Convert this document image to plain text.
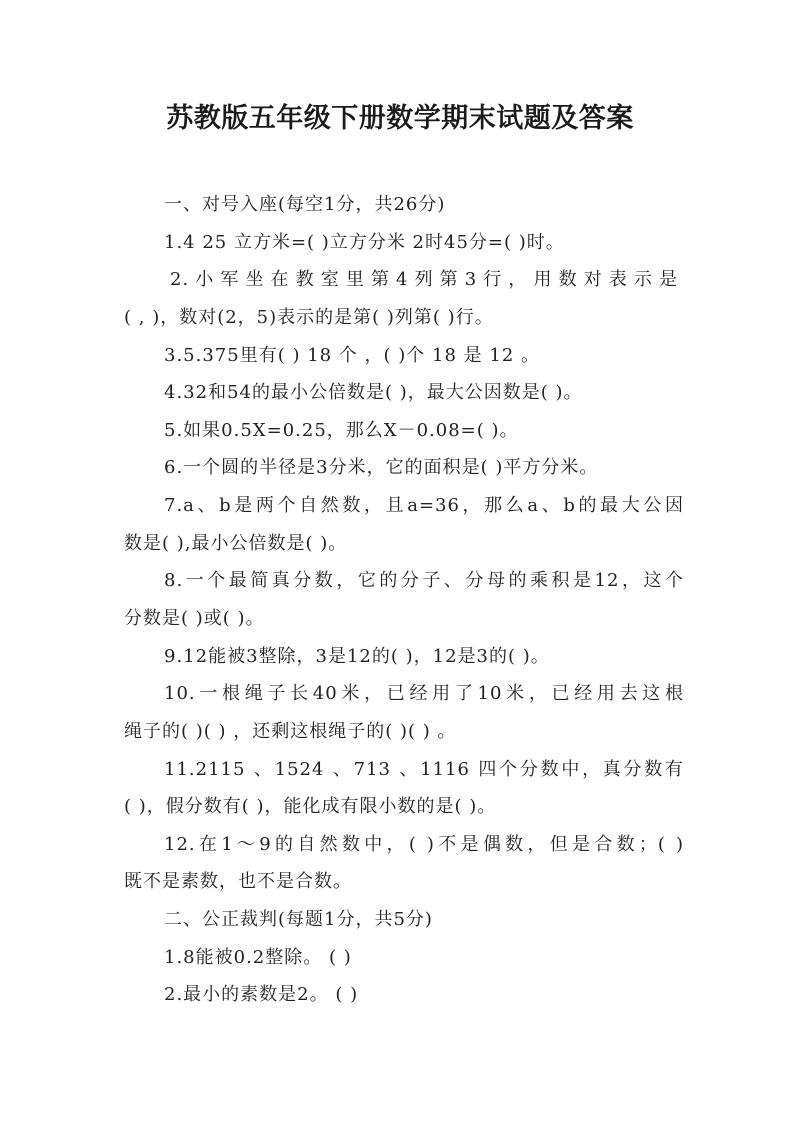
苏教版五年级下册数学期末试题及答案
一、对号入座(每空1分，共26分)
1.4 25 立方米=( )立方分米 2时45分=( )时。
2.小军坐在教室里第4列第3行，用数对表示是
( , )，数对(2，5)表示的是第( )列第( )行。
3.5.375里有( ) 18 个 ，( )个 18 是 12 。
4.32和54的最小公倍数是( )，最大公因数是( )。
5.如果0.5X=0.25，那么X－0.08=( )。
6.一个圆的半径是3分米，它的面积是( )平方分米。
7.a、b是两个自然数，且a=36，那么a、b的最大公因
数是( ),最小公倍数是( )。
8.一个最简真分数，它的分子、分母的乘积是12，这个
分数是( )或( )。
9.12能被3整除，3是12的( )，12是3的( )。
10.一根绳子长40米，已经用了10米，已经用去这根
绳子的( )( ) ，还剩这根绳子的( )( ) 。
11.2115 、1524 、713 、1116 四个分数中，真分数有
( )，假分数有( )，能化成有限小数的是( )。
12.在1～9的自然数中，( )不是偶数，但是合数；( )
既不是素数，也不是合数。
二、公正裁判(每题1分，共5分)
1.8能被0.2整除。 ( )
2.最小的素数是2。 ( )
